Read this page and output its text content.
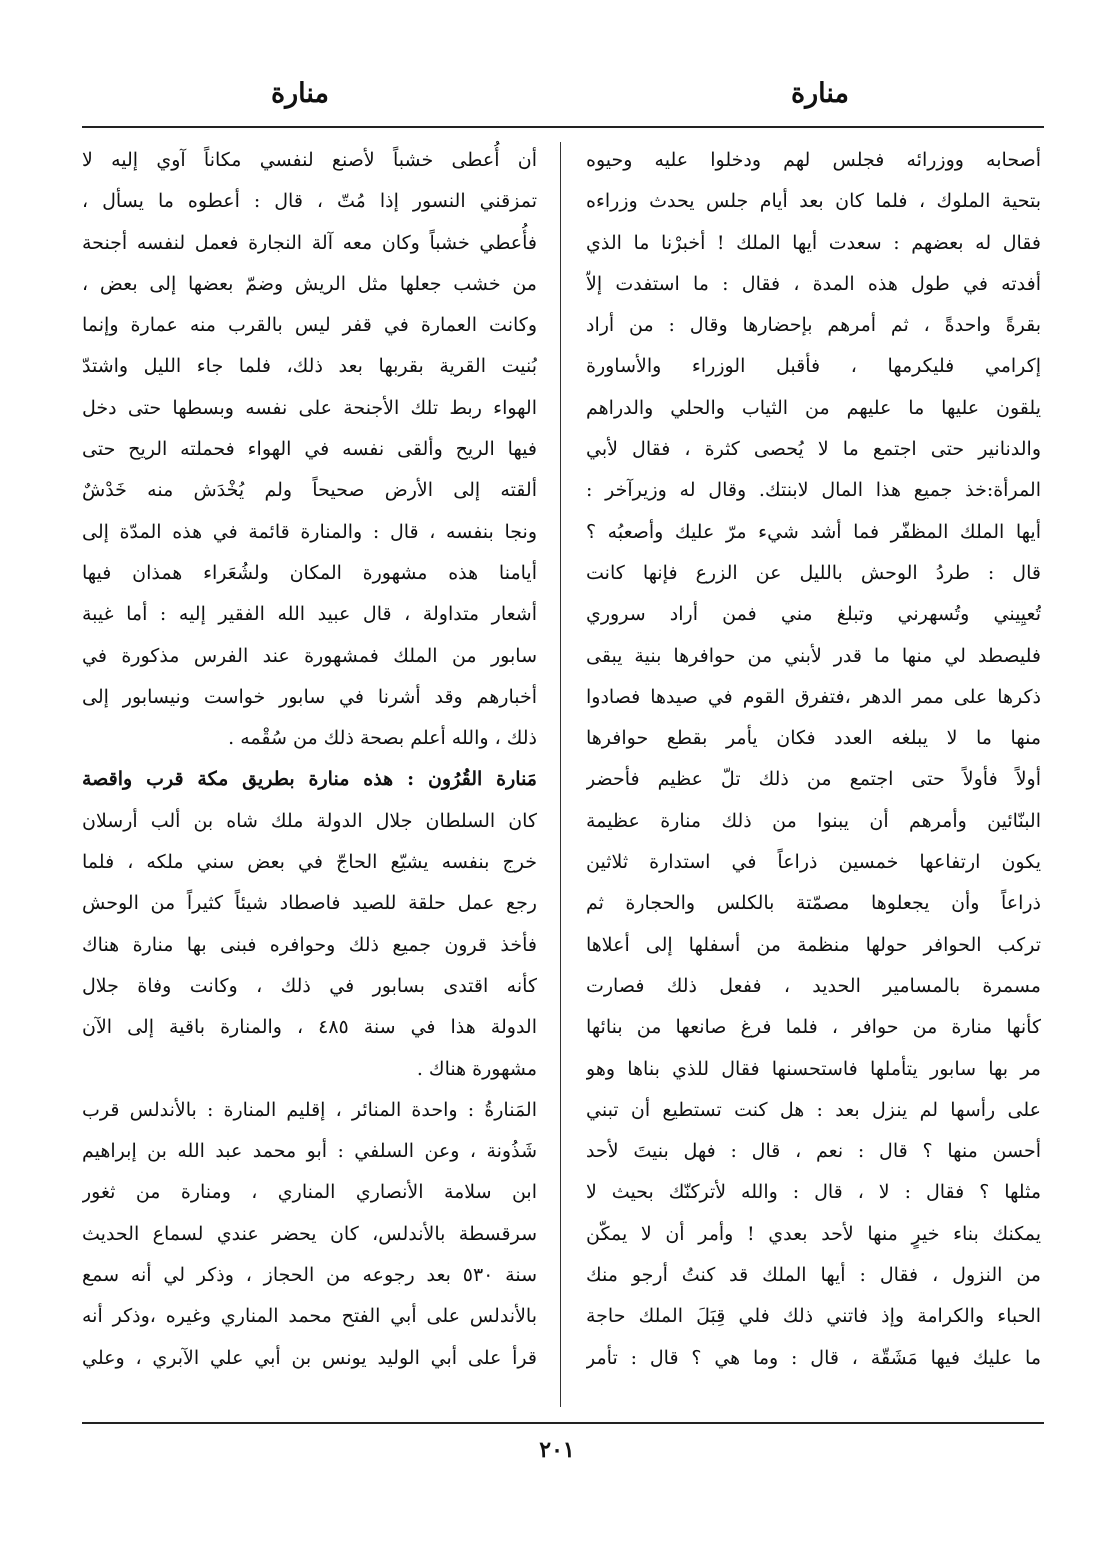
منارة
منارة
أصحابه ووزرائه فجلس لهم ودخلوا عليه وحيوه
بتحية الملوك ، فلما كان بعد أيام جلس يحدث وزراءه
فقال له بعضهم : سعدت أيها الملك ! أخبرْنا ما الذي
أفدته في طول هذه المدة ، فقال : ما استفدت إلاّ
بقرةً واحدةً ، ثم أمرهم بإحضارها وقال : من أراد
إكرامي فليكرمها ، فأقبل الوزراء والأساورة
يلقون عليها ما عليهم من الثياب والحلي والدراهم
والدنانير حتى اجتمع ما لا يُحصى كثرة ، فقال لأبي
المرأة:خذ جميع هذا المال لابنتك. وقال له وزيرآخر :
أيها الملك المظفّر فما أشد شيء مرّ عليك وأصعبُه ؟
قال : طردُ الوحش بالليل عن الزرع فإنها كانت
تُعيِيني وتُسهرني وتبلغ مني فمن أراد سروري
فليصطد لي منها ما قدر لأبني من حوافرها بنية يبقى
ذكرها على ممر الدهر ،فتفرق القوم في صيدها فصادوا
منها ما لا يبلغه العدد فكان يأمر بقطع حوافرها
أولاً فأولاً حتى اجتمع من ذلك تلّ عظيم فأحضر
البنّائين وأمرهم أن يبنوا من ذلك منارة عظيمة
يكون ارتفاعها خمسين ذراعاً في استدارة ثلاثين
ذراعاً وأن يجعلوها مصمّتة بالكلس والحجارة ثم
تركب الحوافر حولها منظمة من أسفلها إلى أعلاها
مسمرة بالمسامير الحديد ، ففعل ذلك فصارت
كأنها منارة من حوافر ، فلما فرغ صانعها من بنائها
مر بها سابور يتأملها فاستحسنها فقال للذي بناها وهو
على رأسها لم ينزل بعد : هل كنت تستطيع أن تبني
أحسن منها ؟ قال : نعم ، قال : فهل بنيتَ لأحد
مثلها ؟ فقال : لا ، قال : والله لأتركنّك بحيث لا
يمكنك بناء خيرٍ منها لأحد بعدي ! وأمر أن لا يمكّن
من النزول ، فقال : أيها الملك قد كنتُ أرجو منك
الحباء والكرامة وإذ فاتني ذلك فلي قِبَلَ الملك حاجة
ما عليك فيها مَشَقّة ، قال : وما هي ؟ قال : تأمر
أن أُعطى خشباً لأصنع لنفسي مكاناً آوي إليه لا
تمزقني النسور إذا مُتّ ، قال : أعطوه ما يسأل ،
فأُعطي خشباً وكان معه آلة النجارة فعمل لنفسه أجنحة
من خشب جعلها مثل الريش وضمّ بعضها إلى بعض ،
وكانت العمارة في قفر ليس بالقرب منه عمارة وإنما
بُنيت القرية بقربها بعد ذلك، فلما جاء الليل واشتدّ
الهواء ربط تلك الأجنحة على نفسه وبسطها حتى دخل
فيها الريح وألقى نفسه في الهواء فحملته الريح حتى
ألقته إلى الأرض صحيحاً ولم يُخْدَش منه خَدْشٌ
ونجا بنفسه ، قال : والمنارة قائمة في هذه المدّة إلى
أيامنا هذه مشهورة المكان ولشُعَراء همذان فيها
أشعار متداولة ، قال عبيد الله الفقير إليه : أما غيبة
سابور من الملك فمشهورة عند الفرس مذكورة في
أخبارهم وقد أشرنا في سابور خواست ونيسابور إلى
ذلك ، والله أعلم بصحة ذلك من سُقْمه .
مَنارة القُرُون : هذه منارة بطريق مكة قرب واقصة
كان السلطان جلال الدولة ملك شاه بن ألب أرسلان
خرج بنفسه يشيّع الحاجّ في بعض سني ملكه ، فلما
رجع عمل حلقة للصيد فاصطاد شيئاً كثيراً من الوحش
فأخذ قرون جميع ذلك وحوافره فبنى بها منارة هناك
كأنه اقتدى بسابور في ذلك ، وكانت وفاة جلال
الدولة هذا في سنة ٤٨٥ ، والمنارة باقية إلى الآن
مشهورة هناك .
المَنارةُ : واحدة المنائر ، إقليم المنارة : بالأندلس قرب
شَذُونة ، وعن السلفي : أبو محمد عبد الله بن إبراهيم
ابن سلامة الأنصاري المناري ، ومنارة من ثغور
سرقسطة بالأندلس، كان يحضر عندي لسماع الحديث
سنة ٥٣٠ بعد رجوعه من الحجاز ، وذكر لي أنه سمع
بالأندلس على أبي الفتح محمد المناري وغيره ،وذكر أنه
قرأ على أبي الوليد يونس بن أبي علي الآبري ، وعلي
٢٠١
